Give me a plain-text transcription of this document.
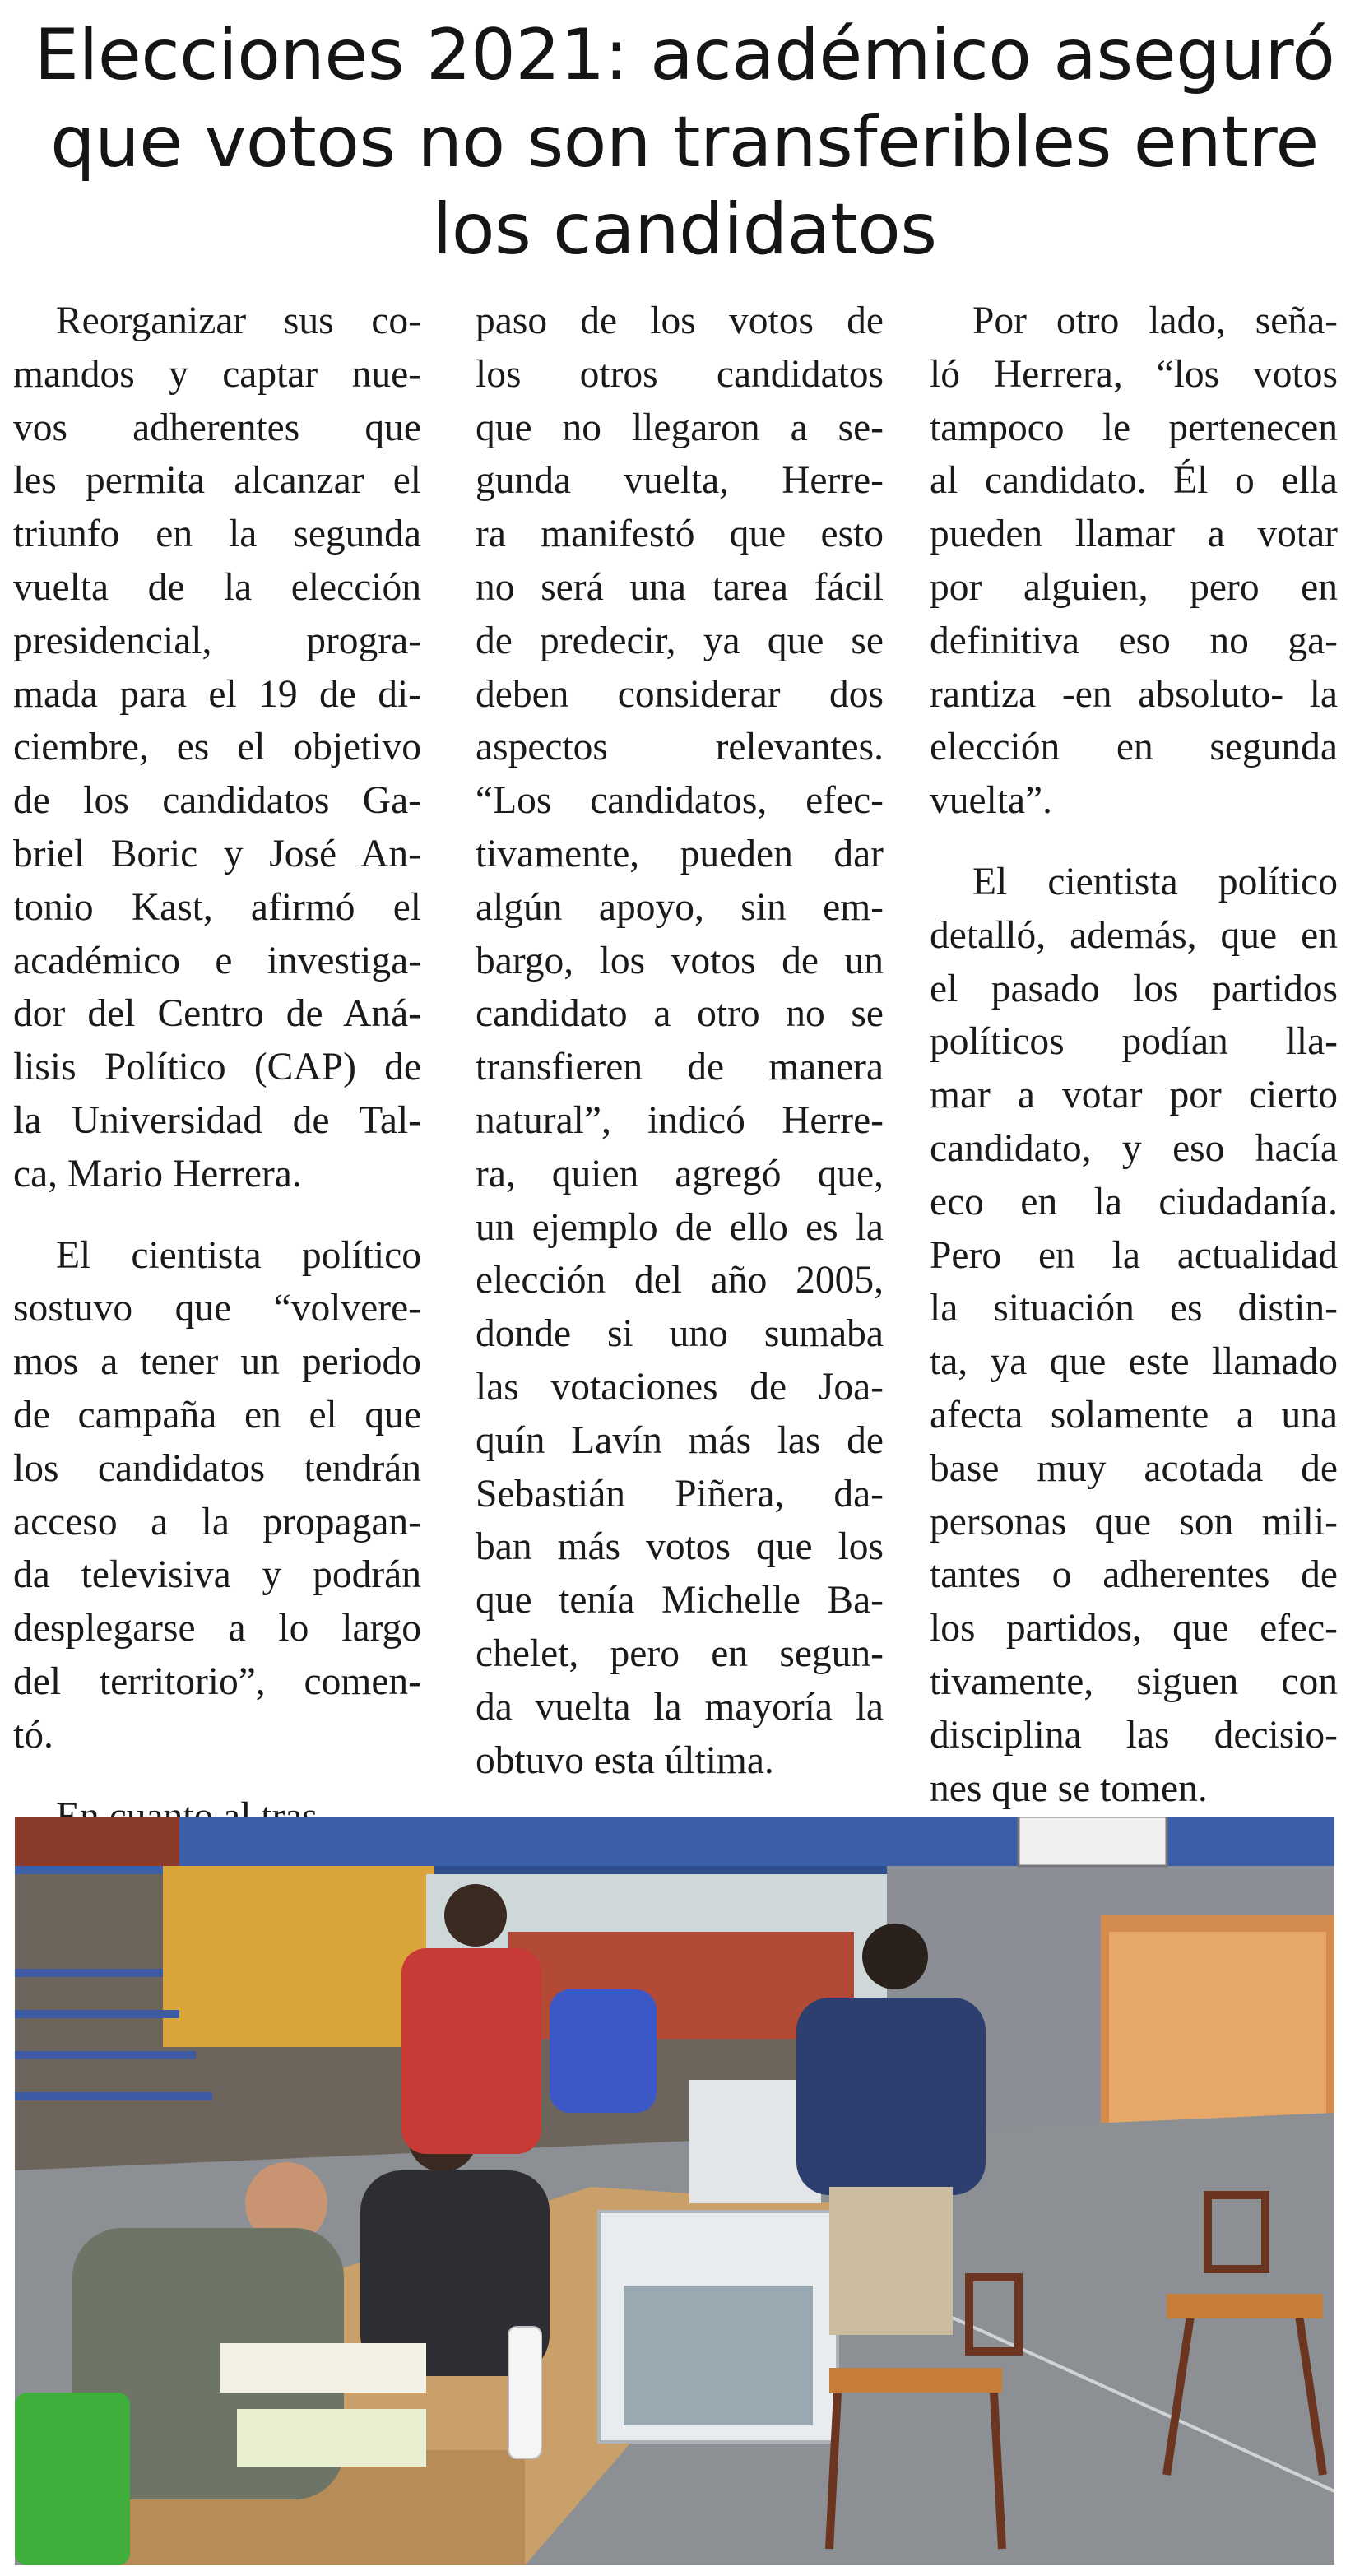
Elecciones 2021: académico aseguró
que votos no son transferibles entre
los candidatos

Reorganizar sus co-
mandos y captar nue-
vos adherentes que
les permita alcanzar el
triunfo en la segunda
vuelta de la elección
presidencial, progra-
mada para el 19 de di-
ciembre, es el objetivo
de los candidatos Ga-
briel Boric y José An-
tonio Kast, afirmó el
académico e investiga-
dor del Centro de Aná-
lisis Político (CAP) de
la Universidad de Tal-
ca, Mario Herrera.

El cientista político
sostuvo que “volvere-
mos a tener un periodo
de campaña en el que
los candidatos tendrán
acceso a la propagan-
da televisiva y podrán
desplegarse a lo largo
del territorio”, comen-
tó.

paso de los votos de
los otros candidatos
que no llegaron a se-
gunda vuelta, Herre-
ra manifestó que esto
no será una tarea fácil
de predecir, ya que se
deben considerar dos
aspectos relevantes.
“Los candidatos, efec-
tivamente, pueden dar
algún apoyo, sin em-
bargo, los votos de un
candidato a otro no se
transfieren de manera
natural”, indicó Herre-
ra, quien agregó que,
un ejemplo de ello es la
elección del año 2005,
donde si uno sumaba
las votaciones de Joa-
quín Lavín más las de
Sebastián Piñera, da-
ban más votos que los
que tenía Michelle Ba-
chelet, pero en segun-
da vuelta la mayoría la
obtuvo esta última.

Por otro lado, seña-
ló Herrera, “los votos
tampoco le pertenecen
al candidato. Él o ella
pueden llamar a votar
por alguien, pero en
definitiva eso no ga-
rantiza -en absoluto- la
elección en segunda
vuelta”.

El cientista político
detalló, además, que en
el pasado los partidos
políticos podían lla-
mar a votar por cierto
candidato, y eso hacía
eco en la ciudadanía.
Pero en la actualidad
la situación es distin-
ta, ya que este llamado
afecta solamente a una
base muy acotada de
personas que son mili-
tantes o adherentes de
los partidos, que efec-
tivamente, siguen con
disciplina las decisio-
nes que se tomen.
